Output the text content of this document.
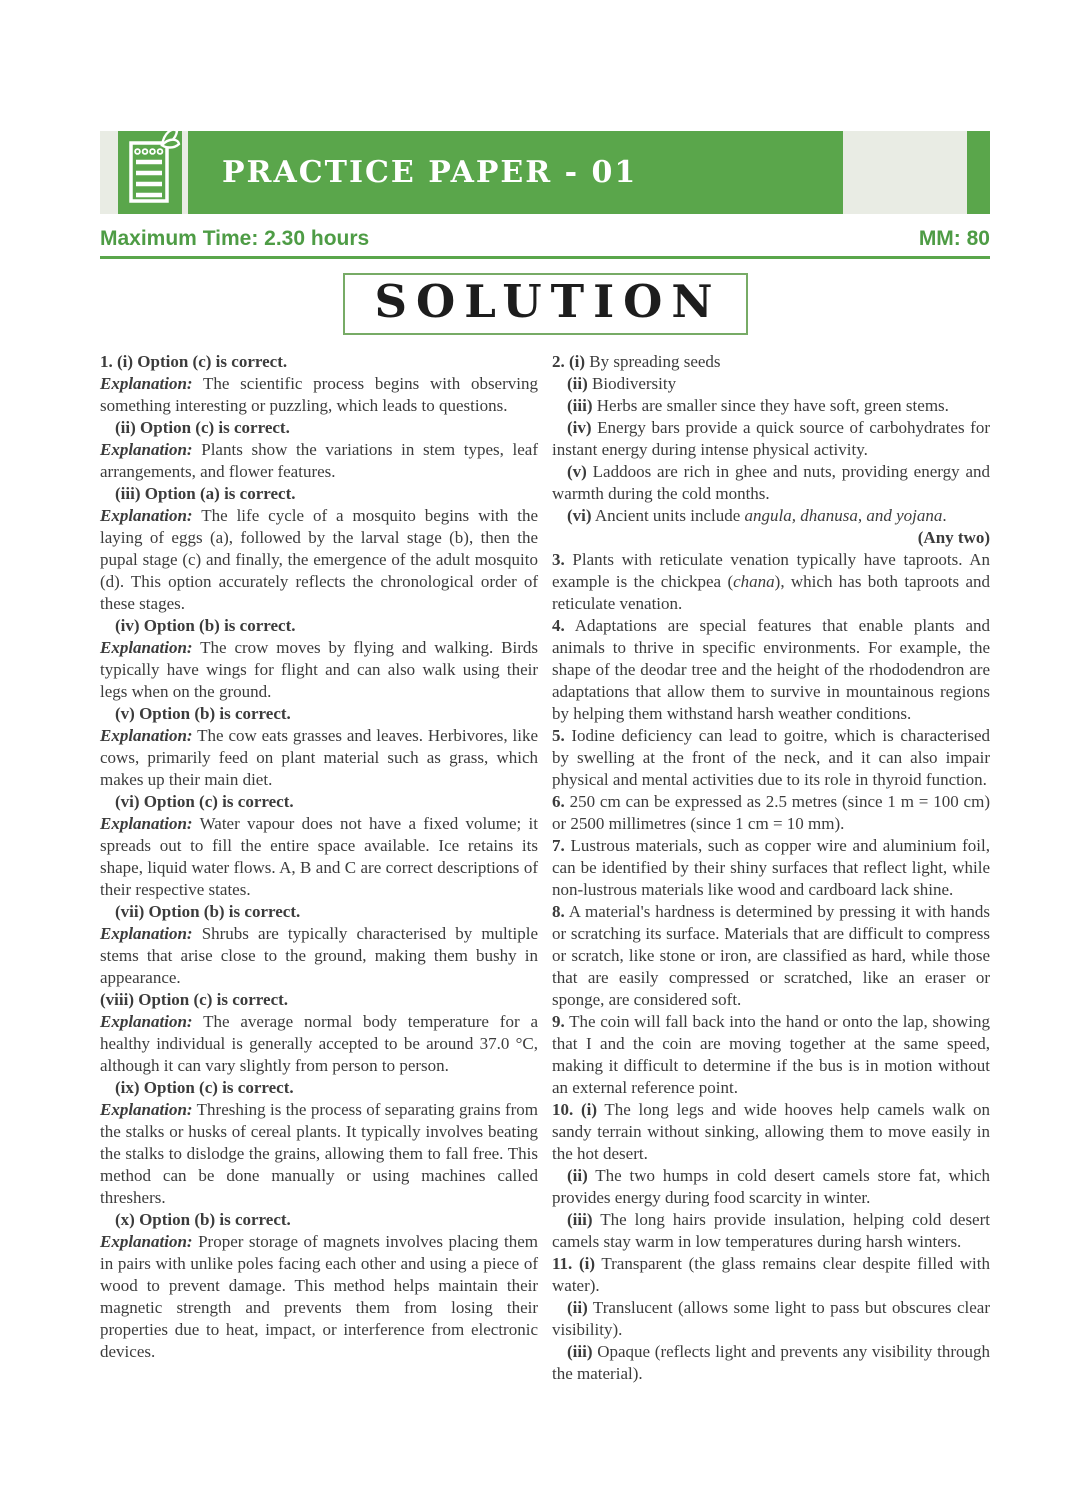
PRACTICE PAPER - 01
Maximum Time: 2.30 hours	MM: 80
SOLUTION

1. (i) Option (c) is correct.

Explanation: The scientific process begins with observing something interesting or puzzling, which leads to questions.

(ii) Option (c) is correct.

Explanation: Plants show the variations in stem types, leaf arrangements, and flower features.

(iii) Option (a) is correct.

Explanation: The life cycle of a mosquito begins with the laying of eggs (a), followed by the larval stage (b), then the pupal stage (c) and finally, the emergence of the adult mosquito (d). This option accurately reflects the chronological order of these stages.

(iv) Option (b) is correct.

Explanation: The crow moves by flying and walking. Birds typically have wings for flight and can also walk using their legs when on the ground.

(v) Option (b) is correct.

Explanation: The cow eats grasses and leaves. Herbivores, like cows, primarily feed on plant material such as grass, which makes up their main diet.

(vi) Option (c) is correct.

Explanation: Water vapour does not have a fixed volume; it spreads out to fill the entire space available. Ice retains its shape, liquid water flows. A, B and C are correct descriptions of their respective states.

(vii) Option (b) is correct.

Explanation: Shrubs are typically characterised by multiple stems that arise close to the ground, making them bushy in appearance.

(viii) Option (c) is correct.

Explanation: The average normal body temperature for a healthy individual is generally accepted to be around 37.0 °C, although it can vary slightly from person to person.

(ix) Option (c) is correct.

Explanation: Threshing is the process of separating grains from the stalks or husks of cereal plants. It typically involves beating the stalks to dislodge the grains, allowing them to fall free. This method can be done manually or using machines called threshers.

(x) Option (b) is correct.

Explanation: Proper storage of magnets involves placing them in pairs with unlike poles facing each other and using a piece of wood to prevent damage. This method helps maintain their magnetic strength and prevents them from losing their properties due to heat, impact, or interference from electronic devices.

2. (i) By spreading seeds

(ii) Biodiversity

(iii) Herbs are smaller since they have soft, green stems.

(iv) Energy bars provide a quick source of carbohydrates for instant energy during intense physical activity.

(v) Laddoos are rich in ghee and nuts, providing energy and warmth during the cold months.

(vi) Ancient units include angula, dhanusa, and yojana.

(Any two)

3. Plants with reticulate venation typically have taproots. An example is the chickpea (chana), which has both taproots and reticulate venation.

4. Adaptations are special features that enable plants and animals to thrive in specific environments. For example, the shape of the deodar tree and the height of the rhododendron are adaptations that allow them to survive in mountainous regions by helping them withstand harsh weather conditions.

5. Iodine deficiency can lead to goitre, which is characterised by swelling at the front of the neck, and it can also impair physical and mental activities due to its role in thyroid function.

6. 250 cm can be expressed as 2.5 metres (since 1 m = 100 cm) or 2500 millimetres (since 1 cm = 10 mm).

7. Lustrous materials, such as copper wire and aluminium foil, can be identified by their shiny surfaces that reflect light, while non-lustrous materials like wood and cardboard lack shine.

8. A material's hardness is determined by pressing it with hands or scratching its surface. Materials that are difficult to compress or scratch, like stone or iron, are classified as hard, while those that are easily compressed or scratched, like an eraser or sponge, are considered soft.

9. The coin will fall back into the hand or onto the lap, showing that I and the coin are moving together at the same speed, making it difficult to determine if the bus is in motion without an external reference point.

10. (i) The long legs and wide hooves help camels walk on sandy terrain without sinking, allowing them to move easily in the hot desert.

(ii) The two humps in cold desert camels store fat, which provides energy during food scarcity in winter.

(iii) The long hairs provide insulation, helping cold desert camels stay warm in low temperatures during harsh winters.

11. (i) Transparent (the glass remains clear despite filled with water).

(ii) Translucent (allows some light to pass but obscures clear visibility).

(iii) Opaque (reflects light and prevents any visibility through the material).
